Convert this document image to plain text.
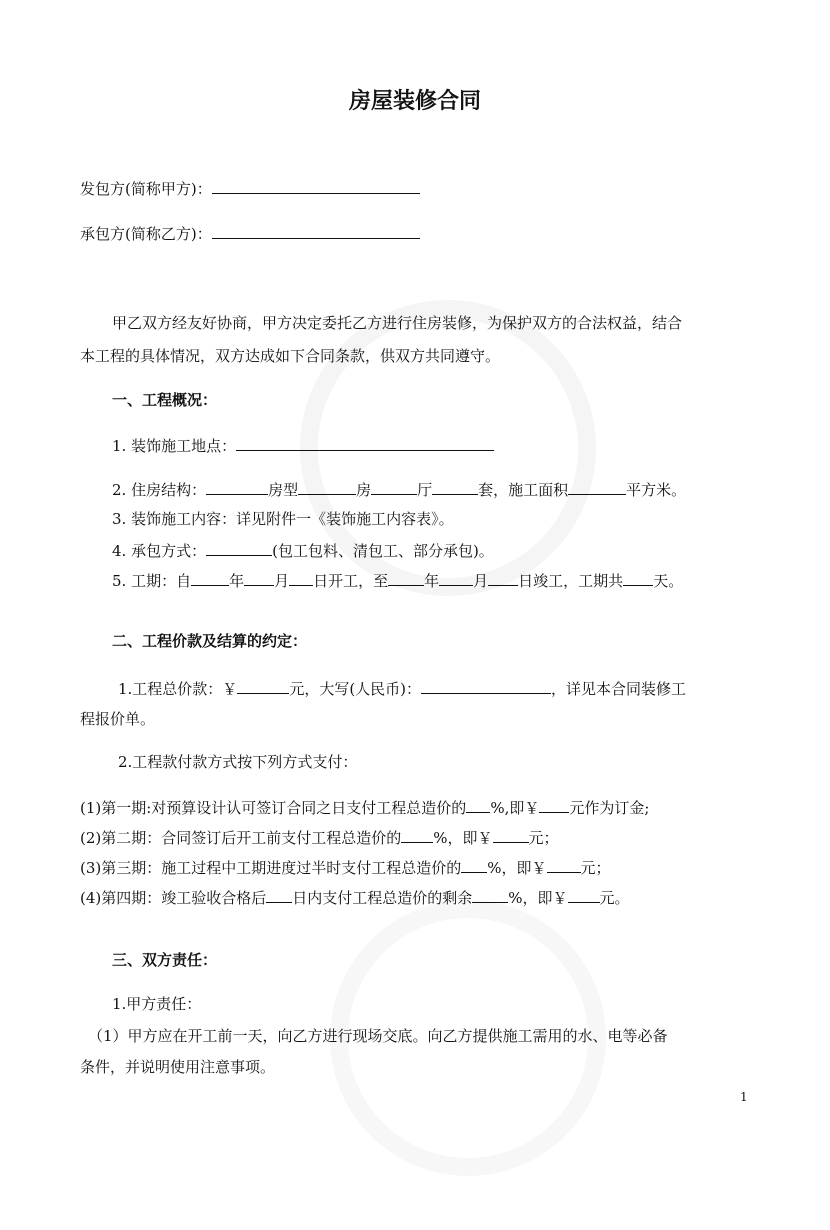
房屋装修合同
发包方(简称甲方)：
承包方(简称乙方)：
甲乙双方经友好协商，甲方决定委托乙方进行住房装修，为保护双方的合法权益，结合
本工程的具体情况，双方达成如下合同条款，供双方共同遵守。
一、工程概况：
1. 装饰施工地点：
2. 住房结构：	房型	房	厅	套，施工面积	平方米。
3. 装饰施工内容：详见附件一《装饰施工内容表》。
4. 承包方式：	(包工包料、清包工、部分承包)。
5. 工期：自	年 月 日开工，至 年 月 日竣工，工期共 天。
二、工程价款及结算的约定：
1.工程总价款：￥	元，大写(人民币)：	，详见本合同装修工
程报价单。
2.工程款付款方式按下列方式支付：
(1)第一期:对预算设计认可签订合同之日支付工程总造价的 %,即￥ 元作为订金;
(2)第二期：合同签订后开工前支付工程总造价的 %，即￥ 元；
(3)第三期：施工过程中工期进度过半时支付工程总造价的 %，即￥ 元；
(4)第四期：竣工验收合格后 日内支付工程总造价的剩余 %，即￥ 元。
三、双方责任：
1.甲方责任：
（1）甲方应在开工前一天，向乙方进行现场交底。向乙方提供施工需用的水、电等必备
条件，并说明使用注意事项。
1
